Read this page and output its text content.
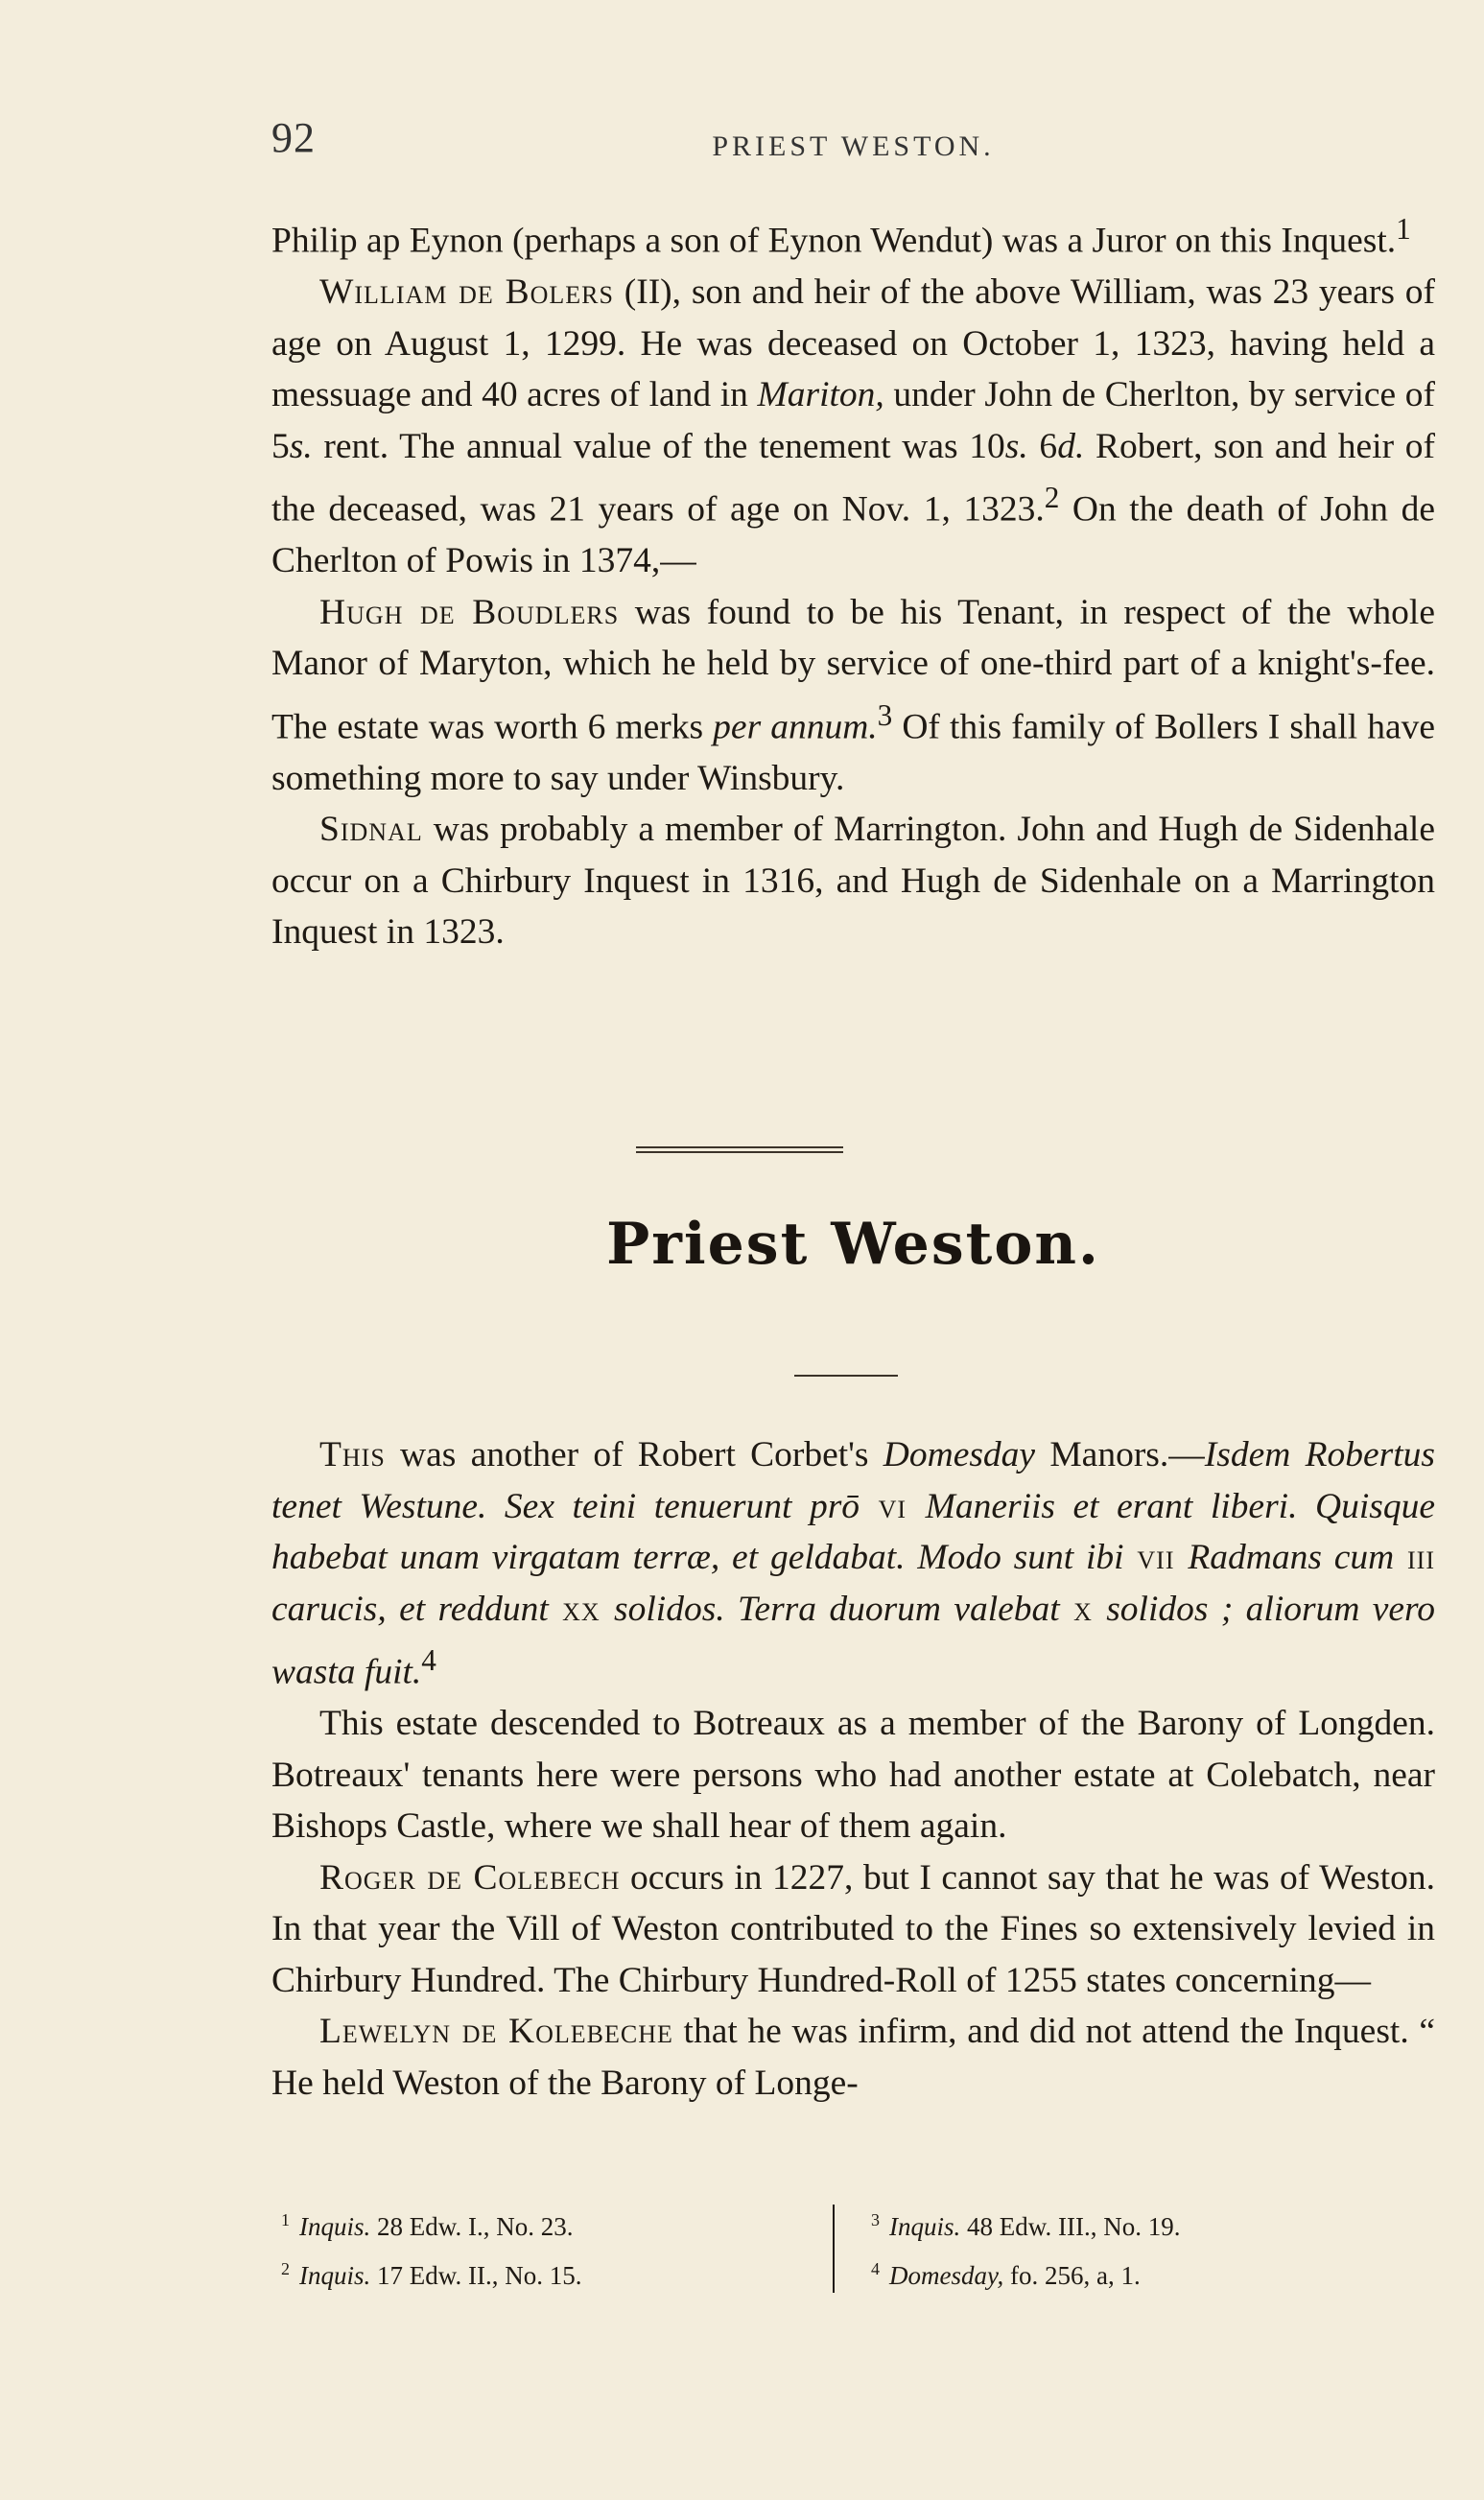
92	PRIEST WESTON.

Philip ap Eynon (perhaps a son of Eynon Wendut) was a Juror on this Inquest.$^1$

William de Bolers (II), son and heir of the above William, was 23 years of age on August 1, 1299. He was deceased on October 1, 1323, having held a messuage and 40 acres of land in Mariton, under John de Cherlton, by service of 5s. rent. The annual value of the tenement was 10s. 6d. Robert, son and heir of the deceased, was 21 years of age on Nov. 1, 1323.$^2$ On the death of John de Cherlton of Powis in 1374,—

Hugh de Boudlers was found to be his Tenant, in respect of the whole Manor of Maryton, which he held by service of one-third part of a knight's-fee. The estate was worth 6 merks per annum.$^3$ Of this family of Bollers I shall have something more to say under Winsbury.

Sidnal was probably a member of Marrington. John and Hugh de Sidenhale occur on a Chirbury Inquest in 1316, and Hugh de Sidenhale on a Marrington Inquest in 1323.

Priest Weston.

This was another of Robert Corbet's Domesday Manors.—Isdem Robertus tenet Westune. Sex teini tenuerunt prō vi Maneriis et erant liberi. Quisque habebat unam virgatam terræ, et geldabat. Modo sunt ibi vii Radmans cum iii carucis, et reddunt xx solidos. Terra duorum valebat x solidos ; aliorum vero wasta fuit.$^4$

This estate descended to Botreaux as a member of the Barony of Longden. Botreaux' tenants here were persons who had another estate at Colebatch, near Bishops Castle, where we shall hear of them again.

Roger de Colebech occurs in 1227, but I cannot say that he was of Weston. In that year the Vill of Weston contributed to the Fines so extensively levied in Chirbury Hundred. The Chirbury Hundred-Roll of 1255 states concerning—

Lewelyn de Kolebeche that he was infirm, and did not attend the Inquest. “ He held Weston of the Barony of Longe-

$^1$ Inquis. 28 Edw. I., No. 23.
$^2$ Inquis. 17 Edw. II., No. 15.
$^3$ Inquis. 48 Edw. III., No. 19.
$^4$ Domesday, fo. 256, a, 1.
